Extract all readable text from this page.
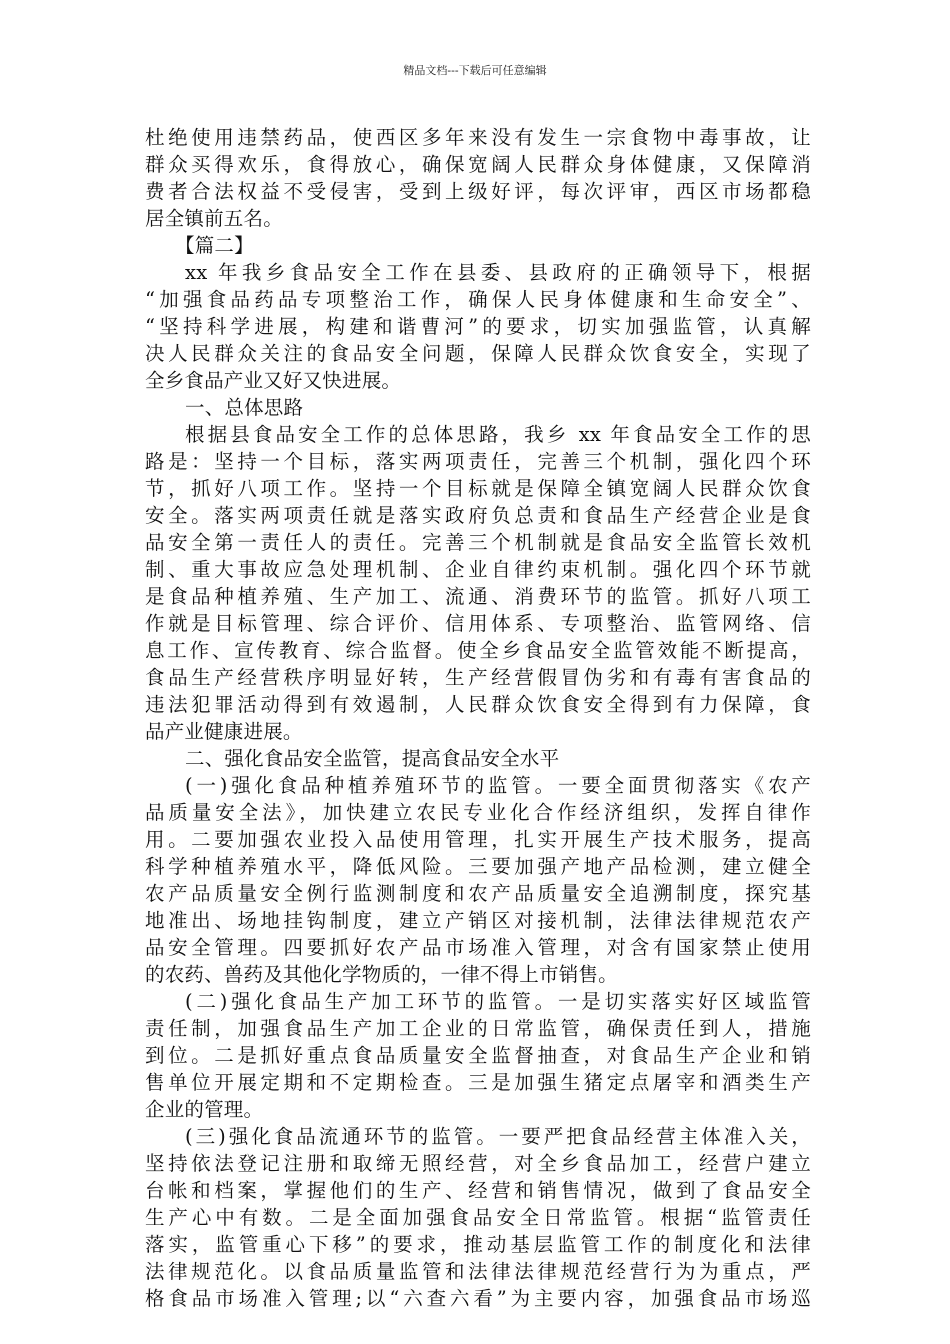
精品文档---下载后可任意编辑
杜绝使用违禁药品，使西区多年来没有发生一宗食物中毒事故，让
群众买得欢乐，食得放心，确保宽阔人民群众身体健康，又保障消
费者合法权益不受侵害，受到上级好评，每次评审，西区市场都稳
居全镇前五名。
【篇二】
xx 年我乡食品安全工作在县委、县政府的正确领导下，根据
“加强食品药品专项整治工作，确保人民身体健康和生命安全”、
“坚持科学进展，构建和谐曹河”的要求，切实加强监管，认真解
决人民群众关注的食品安全问题，保障人民群众饮食安全，实现了
全乡食品产业又好又快进展。
一、总体思路
根据县食品安全工作的总体思路，我乡 xx 年食品安全工作的思
路是：坚持一个目标，落实两项责任，完善三个机制，强化四个环
节，抓好八项工作。坚持一个目标就是保障全镇宽阔人民群众饮食
安全。落实两项责任就是落实政府负总责和食品生产经营企业是食
品安全第一责任人的责任。完善三个机制就是食品安全监管长效机
制、重大事故应急处理机制、企业自律约束机制。强化四个环节就
是食品种植养殖、生产加工、流通、消费环节的监管。抓好八项工
作就是目标管理、综合评价、信用体系、专项整治、监管网络、信
息工作、宣传教育、综合监督。使全乡食品安全监管效能不断提高，
食品生产经营秩序明显好转，生产经营假冒伪劣和有毒有害食品的
违法犯罪活动得到有效遏制，人民群众饮食安全得到有力保障，食
品产业健康进展。
二、强化食品安全监管，提高食品安全水平
(一)强化食品种植养殖环节的监管。一要全面贯彻落实《农产
品质量安全法》，加快建立农民专业化合作经济组织，发挥自律作
用。二要加强农业投入品使用管理，扎实开展生产技术服务，提高
科学种植养殖水平，降低风险。三要加强产地产品检测，建立健全
农产品质量安全例行监测制度和农产品质量安全追溯制度，探究基
地准出、场地挂钩制度，建立产销区对接机制，法律法律规范农产
品安全管理。四要抓好农产品市场准入管理，对含有国家禁止使用
的农药、兽药及其他化学物质的，一律不得上市销售。
(二)强化食品生产加工环节的监管。一是切实落实好区域监管
责任制，加强食品生产加工企业的日常监管，确保责任到人，措施
到位。二是抓好重点食品质量安全监督抽查，对食品生产企业和销
售单位开展定期和不定期检查。三是加强生猪定点屠宰和酒类生产
企业的管理。
(三)强化食品流通环节的监管。一要严把食品经营主体准入关，
坚持依法登记注册和取缔无照经营，对全乡食品加工，经营户建立
台帐和档案，掌握他们的生产、经营和销售情况，做到了食品安全
生产心中有数。二是全面加强食品安全日常监管。根据“监管责任
落实，监管重心下移”的要求，推动基层监管工作的制度化和法律
法律规范化。以食品质量监管和法律法律规范经营行为为重点，严
格食品市场准入管理;以“六查六看”为主要内容，加强食品市场巡
